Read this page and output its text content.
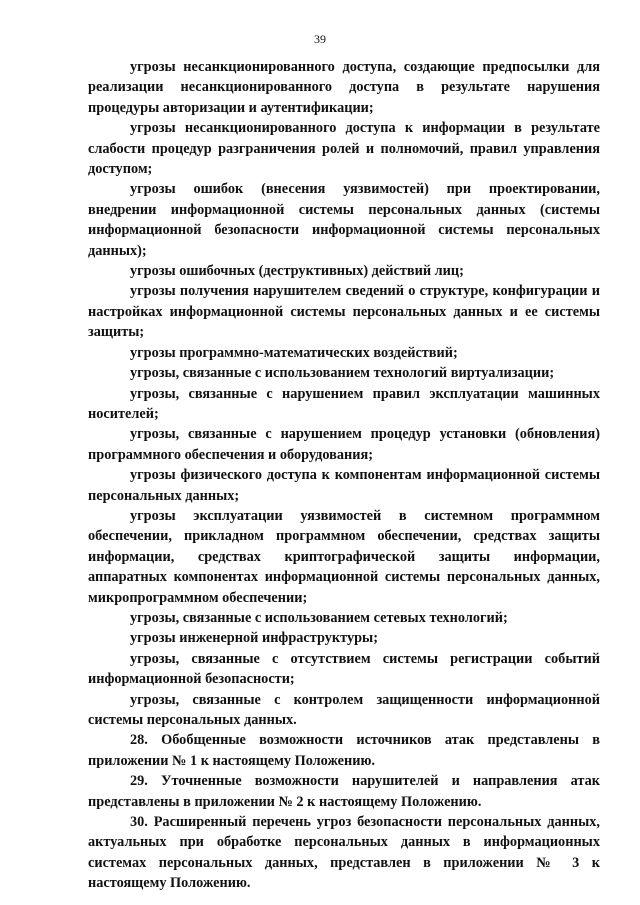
39

угрозы несанкционированного доступа, создающие предпосылки для реализации несанкционированного доступа в результате нарушения процедуры авторизации и аутентификации;

угрозы несанкционированного доступа к информации в результате слабости процедур разграничения ролей и полномочий, правил управления доступом;

угрозы ошибок (внесения уязвимостей) при проектировании, внедрении информационной системы персональных данных (системы информационной безопасности информационной системы персональных данных);

угрозы ошибочных (деструктивных) действий лиц;

угрозы получения нарушителем сведений о структуре, конфигурации и настройках информационной системы персональных данных и ее системы защиты;

угрозы программно-математических воздействий;

угрозы, связанные с использованием технологий виртуализации;

угрозы, связанные с нарушением правил эксплуатации машинных носителей;

угрозы, связанные с нарушением процедур установки (обновления) программного обеспечения и оборудования;

угрозы физического доступа к компонентам информационной системы персональных данных;

угрозы эксплуатации уязвимостей в системном программном обеспечении, прикладном программном обеспечении, средствах защиты информации, средствах криптографической защиты информации, аппаратных компонентах информационной системы персональных данных, микропрограммном обеспечении;

угрозы, связанные с использованием сетевых технологий;

угрозы инженерной инфраструктуры;

угрозы, связанные с отсутствием системы регистрации событий информационной безопасности;

угрозы, связанные с контролем защищенности информационной системы персональных данных.

28. Обобщенные возможности источников атак представлены в приложении № 1 к настоящему Положению.

29. Уточненные возможности нарушителей и направления атак представлены в приложении № 2 к настоящему Положению.

30. Расширенный перечень угроз безопасности персональных данных, актуальных при обработке персональных данных в информационных системах персональных данных, представлен в приложении № 3 к настоящему Положению.
